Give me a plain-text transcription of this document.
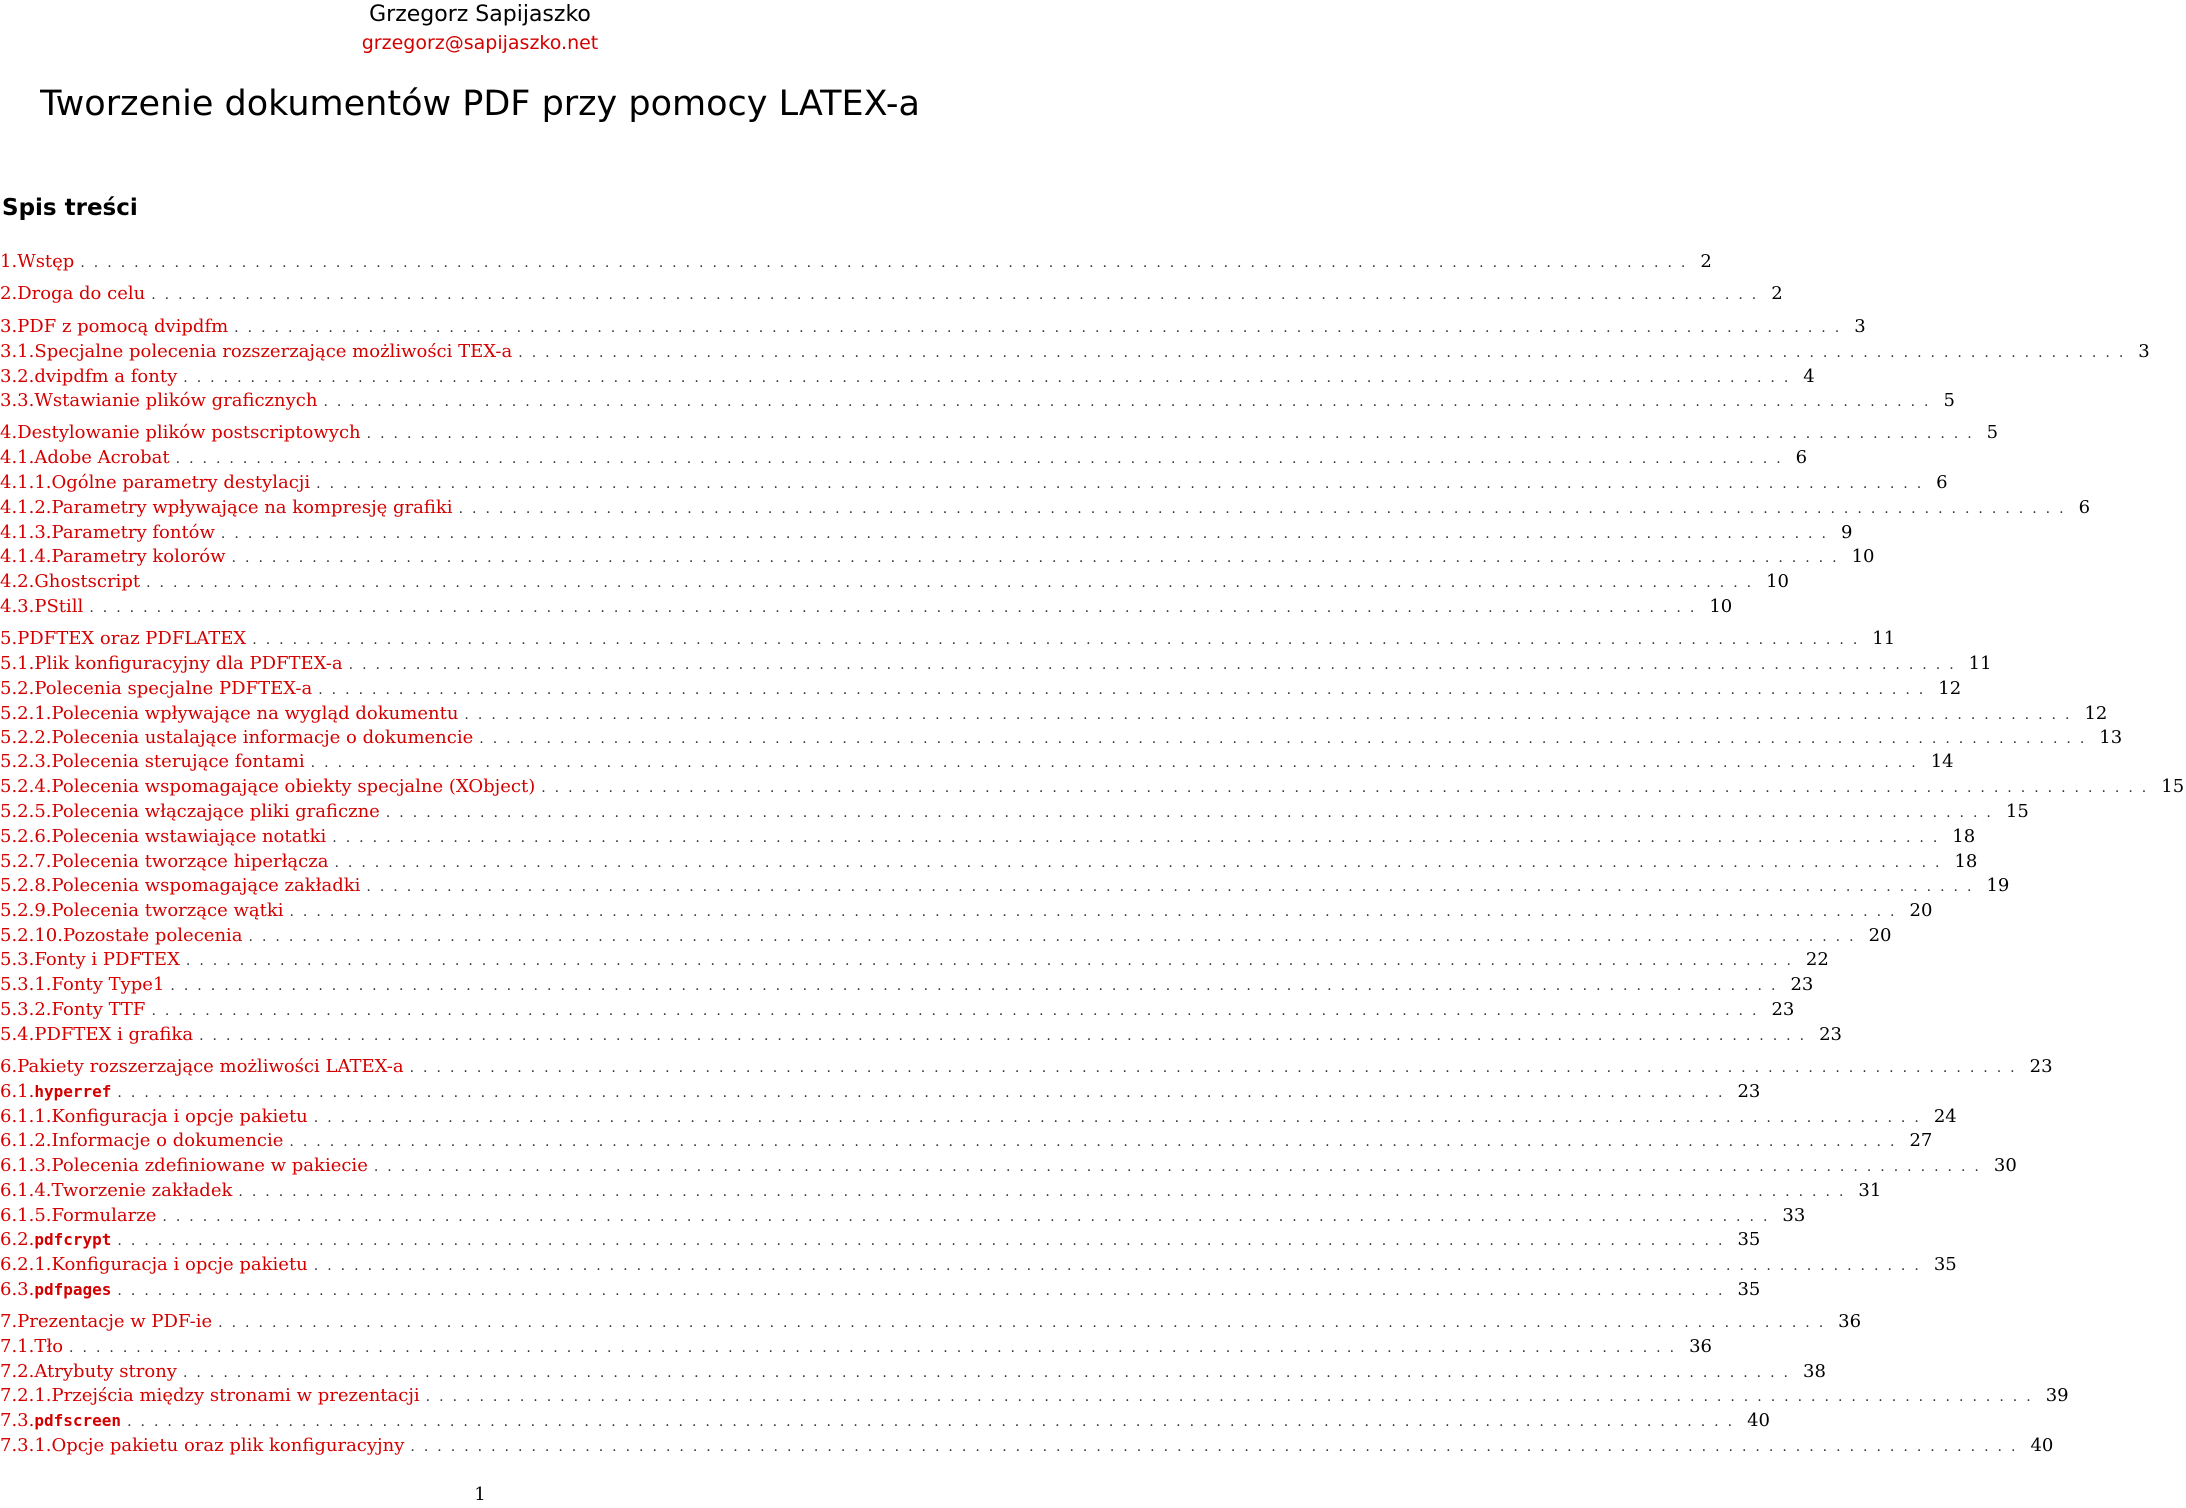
Grzegorz Sapijaszko
grzegorz@sapijaszko.net
Tworzenie dokumentów PDF przy pomocy LATEX-a
Spis treści
1. Wstęp ........................................................................................................................ 2
2. Droga do celu ........................................................................................................................ 2
3. PDF z pomocą dvipdfm ........................................................................................................................ 3
3.1. Specjalne polecenia rozszerzające możliwości TEX-a ........................................................................................................................ 3
3.2. dvipdfm a fonty ........................................................................................................................ 4
3.3. Wstawianie plików graficznych ........................................................................................................................ 5
4. Destylowanie plików postscriptowych ........................................................................................................................ 5
4.1. Adobe Acrobat ........................................................................................................................ 6
4.1.1. Ogólne parametry destylacji ........................................................................................................................ 6
4.1.2. Parametry wpływające na kompresję grafiki ........................................................................................................................ 6
4.1.3. Parametry fontów ........................................................................................................................ 9
4.1.4. Parametry kolorów ........................................................................................................................ 10
4.2. Ghostscript ........................................................................................................................ 10
4.3. PStill ........................................................................................................................ 10
5. PDFTEX oraz PDFLATEX ........................................................................................................................ 11
5.1. Plik konfiguracyjny dla PDFTEX-a ........................................................................................................................ 11
5.2. Polecenia specjalne PDFTEX-a ........................................................................................................................ 12
5.2.1. Polecenia wpływające na wygląd dokumentu ........................................................................................................................ 12
5.2.2. Polecenia ustalające informacje o dokumencie ........................................................................................................................ 13
5.2.3. Polecenia sterujące fontami ........................................................................................................................ 14
5.2.4. Polecenia wspomagające obiekty specjalne (XObject) ........................................................................................................................ 15
5.2.5. Polecenia włączające pliki graficzne ........................................................................................................................ 15
5.2.6. Polecenia wstawiające notatki ........................................................................................................................ 18
5.2.7. Polecenia tworzące hiperłącza ........................................................................................................................ 18
5.2.8. Polecenia wspomagające zakładki ........................................................................................................................ 19
5.2.9. Polecenia tworzące wątki ........................................................................................................................ 20
5.2.10. Pozostałe polecenia ........................................................................................................................ 20
5.3. Fonty i PDFTEX ........................................................................................................................ 22
5.3.1. Fonty Type1 ........................................................................................................................ 23
5.3.2. Fonty TTF ........................................................................................................................ 23
5.4. PDFTEX i grafika ........................................................................................................................ 23
6. Pakiety rozszerzające możliwości LATEX-a ........................................................................................................................ 23
6.1. hyperref ........................................................................................................................ 23
6.1.1. Konfiguracja i opcje pakietu ........................................................................................................................ 24
6.1.2. Informacje o dokumencie ........................................................................................................................ 27
6.1.3. Polecenia zdefiniowane w pakiecie ........................................................................................................................ 30
6.1.4. Tworzenie zakładek ........................................................................................................................ 31
6.1.5. Formularze ........................................................................................................................ 33
6.2. pdfcrypt ........................................................................................................................ 35
6.2.1. Konfiguracja i opcje pakietu ........................................................................................................................ 35
6.3. pdfpages ........................................................................................................................ 35
7. Prezentacje w PDF-ie ........................................................................................................................ 36
7.1. Tło ........................................................................................................................ 36
7.2. Atrybuty strony ........................................................................................................................ 38
7.2.1. Przejścia między stronami w prezentacji ........................................................................................................................ 39
7.3. pdfscreen ........................................................................................................................ 40
7.3.1. Opcje pakietu oraz plik konfiguracyjny ........................................................................................................................ 40
1
